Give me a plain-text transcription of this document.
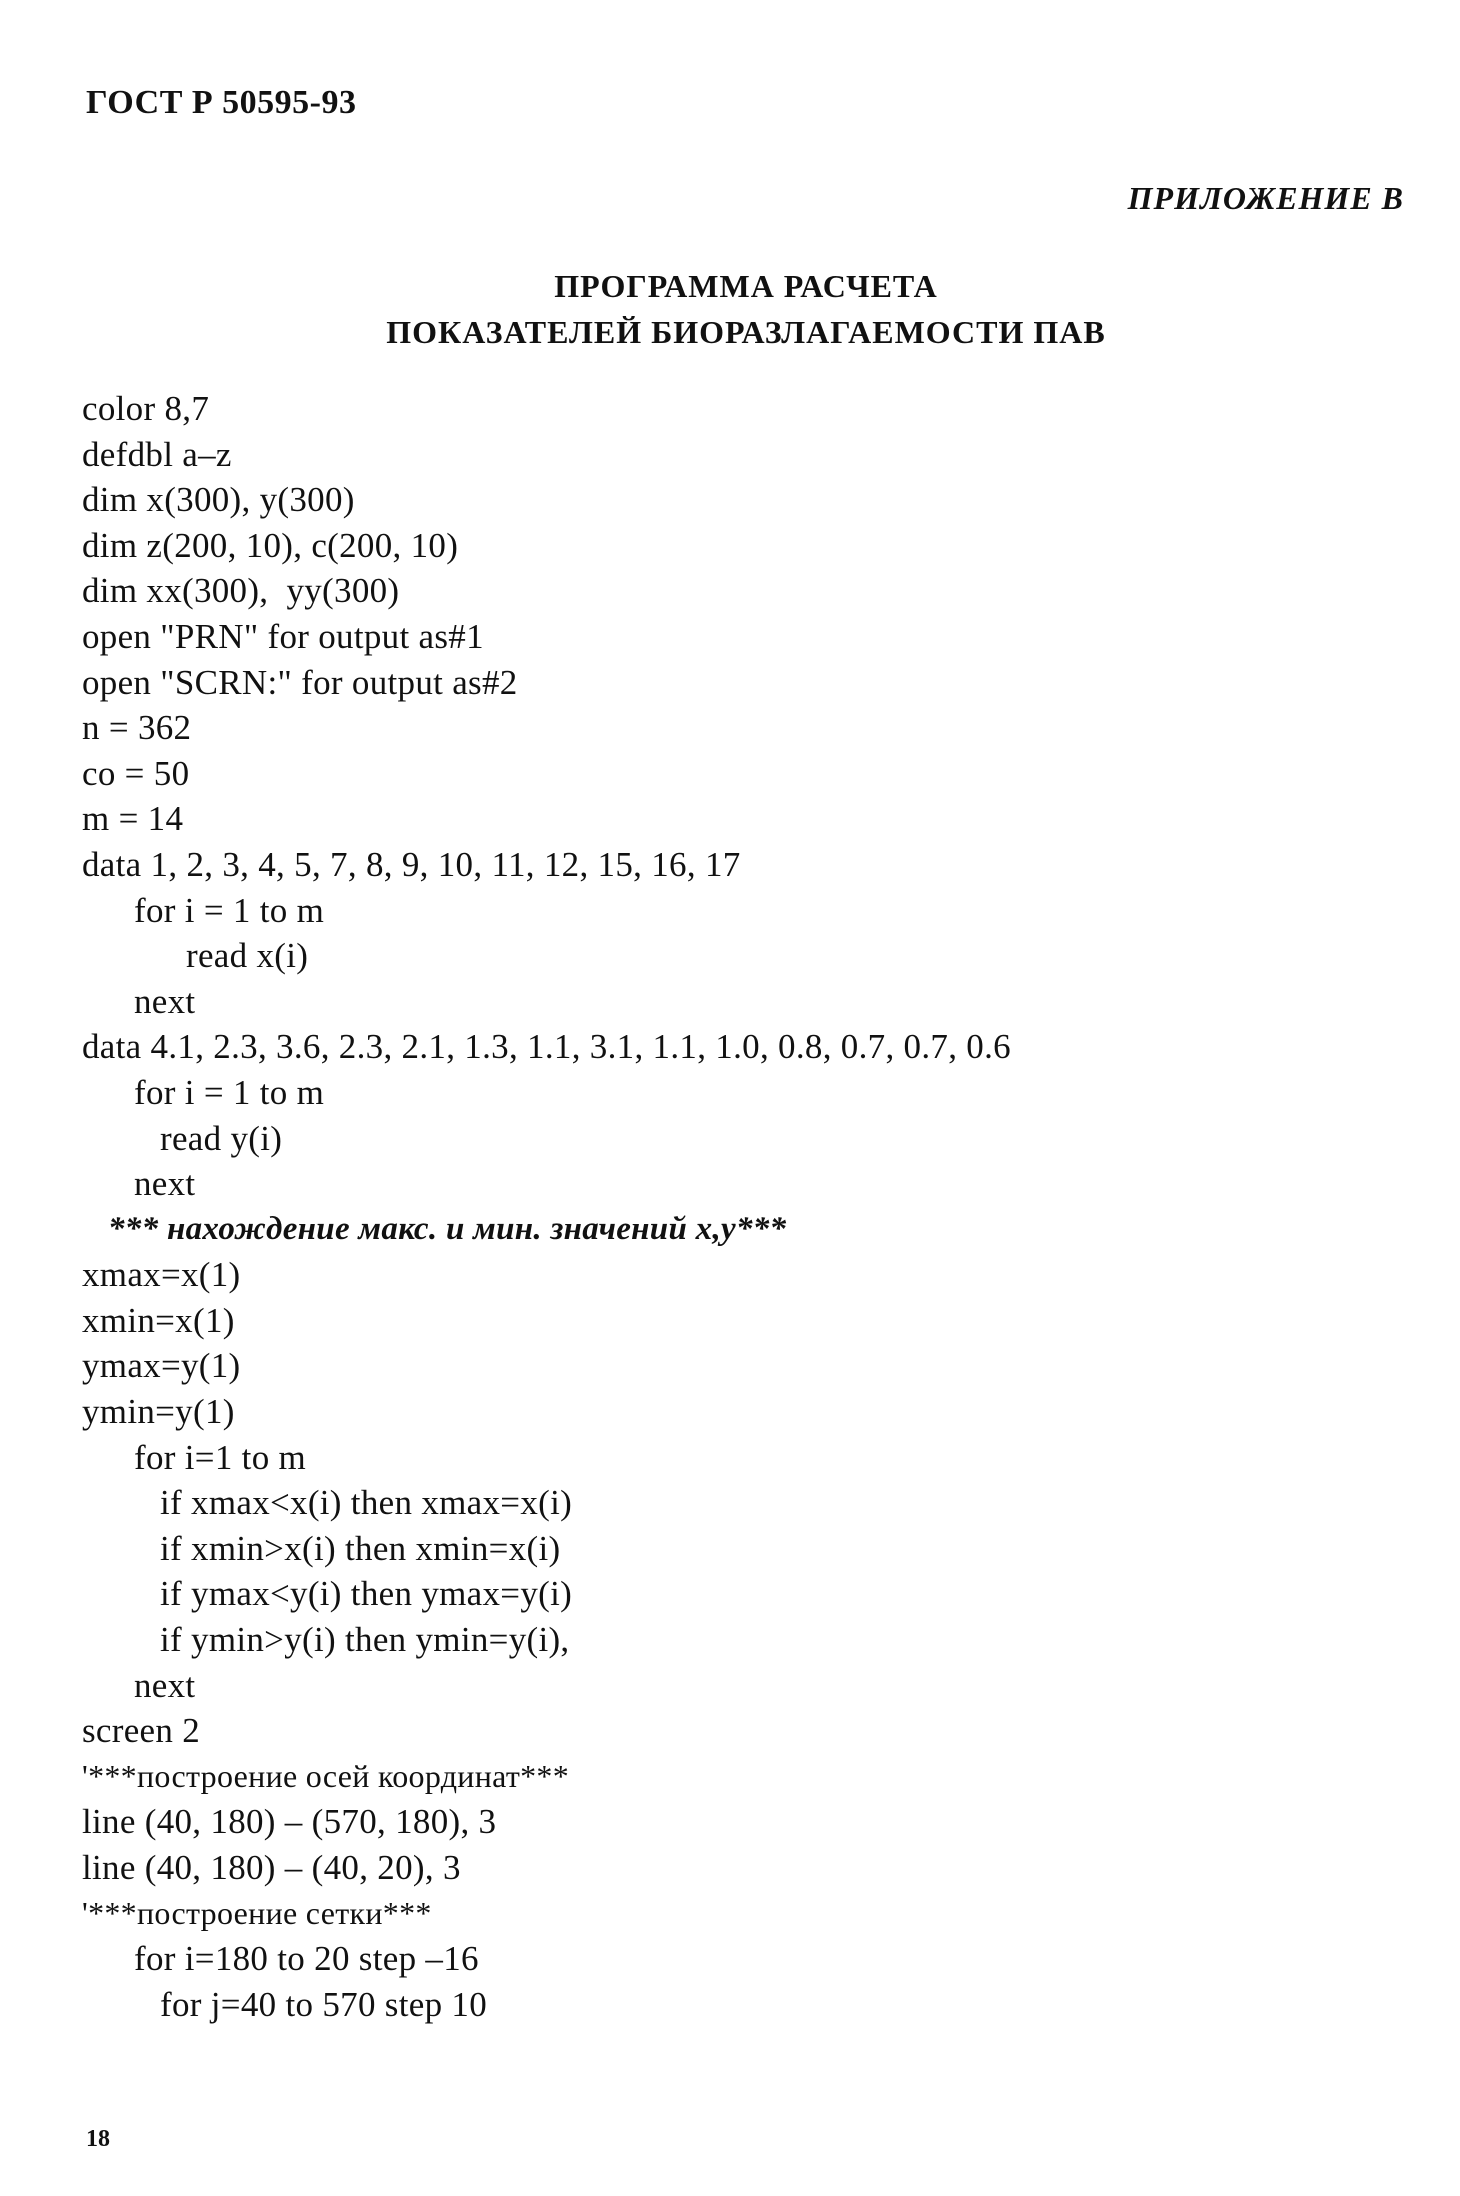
ГОСТ Р 50595-93
ПРИЛОЖЕНИЕ В
ПРОГРАММА РАСЧЕТА
ПОКАЗАТЕЛЕЙ БИОРАЗЛАГАЕМОСТИ ПАВ
color 8,7
defdbl a–z
dim x(300), y(300)
dim z(200, 10), c(200, 10)
dim xx(300),  yy(300)
open "PRN" for output as#1
open "SCRN:" for output as#2
n = 362
co = 50
m = 14
data 1, 2, 3, 4, 5, 7, 8, 9, 10, 11, 12, 15, 16, 17
for i = 1 to m
read x(i)
next
data 4.1, 2.3, 3.6, 2.3, 2.1, 1.3, 1.1, 3.1, 1.1, 1.0, 0.8, 0.7, 0.7, 0.6
for i = 1 to m
read y(i)
next
*** нахождение макс. и мин. значений x,y***
xmax=x(1)
xmin=x(1)
ymax=y(1)
ymin=y(1)
for i=1 to m
if xmax<x(i) then xmax=x(i)
if xmin>x(i) then xmin=x(i)
if ymax<y(i) then ymax=y(i)
if ymin>y(i) then ymin=y(i),
next
screen 2
'***построение осей координат***
line (40, 180) – (570, 180), 3
line (40, 180) – (40, 20), 3
'***построение сетки***
for i=180 to 20 step –16
for j=40 to 570 step 10
18
